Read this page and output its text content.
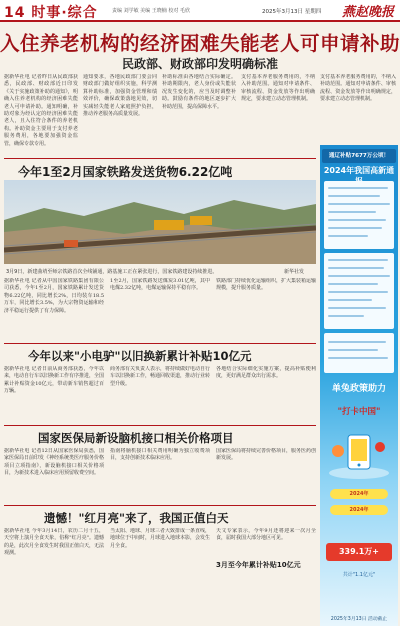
14 时事·综合	责编 刘学敏 美编 王晓楠 校对 毛欣	2025年3月13日 星期四 燕赵晚报
入住养老机构的经济困难失能老人可申请补助
民政部、财政部印发明确标准
据新华社电 记者昨日从民政部获悉，民政部、财政部近日印发《关于实施政策补助的通知》，明确入住养老机构的经济困难失能老人可申请补助。通知明确，补助对象为经认定的经济困难失能老人，且入住符合条件的养老机构。补助资金主要用于支付养老服务费用，各地要加强资金监管，确保专款专用。
通知要求，各地民政部门要会同财政部门做好组织实施，科学测算补助标准，加强资金管理和绩效评价，确保政策落地见效，切实减轻失能老人家庭照护负担，推动养老服务高质量发展。
补助标准由各地结合实际确定。补助期限内，老人身份或失能状况发生变化的，应当及时调整补助。鼓励有条件的地区逐步扩大补助范围，提高保障水平。
支付基本养老服务费用的，不纳入补助范围。通知对申请条件、审核流程、资金发放等作出明确规定，要求建立动态管理机制。
支付基本养老服务费用的，不纳入补助范围。通知对申请条件、审核流程、资金发放等作出明确规定，要求建立动态管理机制。
今年1至2月国家铁路发送货物6.22亿吨
3月9日，新建曲靖至师宗铁路首次全线铺通，路基施工正在紧张进行，国家铁路建设持续推进。	新华社发
据新华社电 记者从中国国家铁路集团有限公司获悉，今年1至2月，国家铁路累计发送货物6.22亿吨，同比增长2%，日均装车18.5万车，同比增长3.5%，为大宗物资运输和经济平稳运行提供了有力保障。
1至2月，国家铁路发送煤炭3.01亿吨，其中电煤2.32亿吨，电煤运输保持平稳有序。
铁路部门持续优化运输组织，扩大集装箱运输规模，提升服务质量。
今年以来"小电驴"以旧换新累计补贴10亿元
据新华社电 记者日前从商务部获悉，今年以来，电动自行车以旧换新工作有序推进，全国累计补贴资金10亿元，带动新车销售超过百万辆。
商务部有关负责人表示，将持续做好电动自行车以旧换新工作，畅通回收渠道，推动行业转型升级。
各地结合实际细化实施方案，提高补贴便利度，更好满足群众出行需求。
国家医保局新设脑机接口相关价格项目
据新华社电 记者12日从国家医保局获悉，国家医保局日前印发《神经系统类医疗服务价格项目立项指南》，新设脑机接口相关价格项目，为新技术进入临床应用预留收费空间。
指南将脑机接口相关费用明确为独立收费项目，支持创新技术临床应用。
国家医保局将持续完善价格项目，服务医药创新发展。
遗憾！"红月亮"来了，我国正值白天
据新华社电 今年3月14日，农历二月十五，天空将上演月全食天象，俗称"红月亮"。遗憾的是，此次月全食发生时我国正值白天，无法观测。
当太阳、地球、月球三者大致排成一条直线，地球位于中间时，月球进入地球本影，会发生月全食。
天文专家表示，今年9月还将迎来一次月全食，届时我国大部分地区可见。
3月至今年累计补贴10亿元
通辽补贴7677万公顷！
2024年我国高新通
单兔政策助力
"打卡中国"
2024年
2024年
339.1万+
共计"1.1亿元"
2025年3月13日 活动截止
